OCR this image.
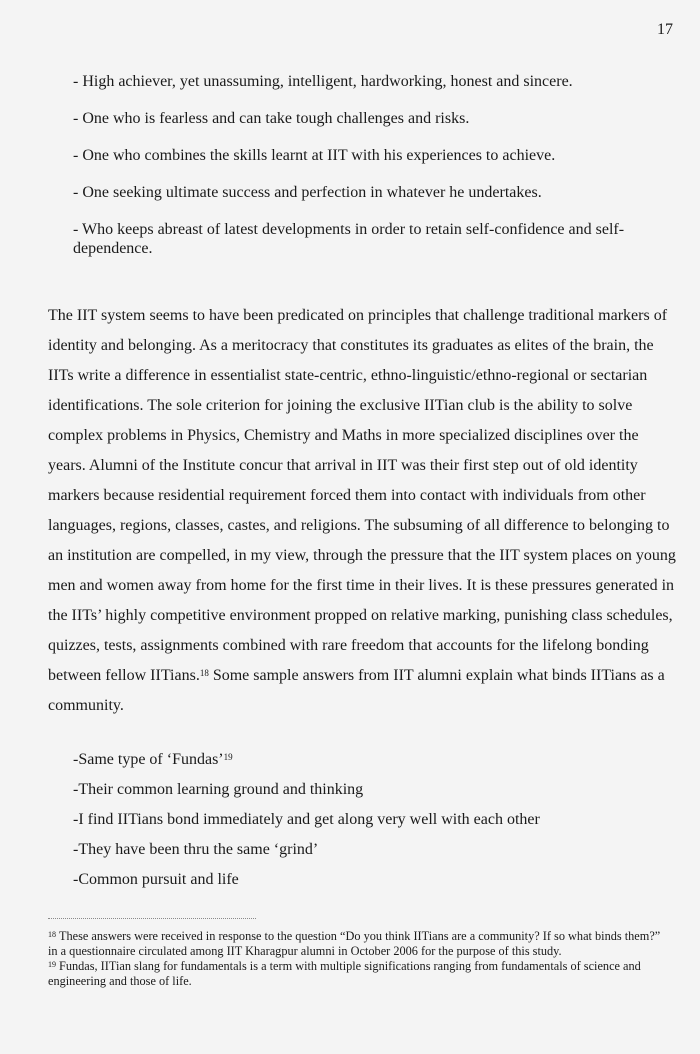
17

- High achiever, yet unassuming, intelligent, hardworking, honest and sincere.

- One who is fearless and can take tough challenges and risks.

- One who combines the skills learnt at IIT with his experiences to achieve.

- One seeking ultimate success and perfection in whatever he undertakes.

- Who keeps abreast of latest developments in order to retain self-confidence and self-dependence.

The IIT system seems to have been predicated on principles that challenge traditional markers of identity and belonging. As a meritocracy that constitutes its graduates as elites of the brain, the IITs write a difference in essentialist state-centric, ethno-linguistic/ethno-regional or sectarian identifications. The sole criterion for joining the exclusive IITian club is the ability to solve complex problems in Physics, Chemistry and Maths in more specialized disciplines over the years. Alumni of the Institute concur that arrival in IIT was their first step out of old identity markers because residential requirement forced them into contact with individuals from other languages, regions, classes, castes, and religions. The subsuming of all difference to belonging to an institution are compelled, in my view, through the pressure that the IIT system places on young men and women away from home for the first time in their lives. It is these pressures generated in the IITs’ highly competitive environment propped on relative marking, punishing class schedules, quizzes, tests, assignments combined with rare freedom that accounts for the lifelong bonding between fellow IITians.$^{18}$ Some sample answers from IIT alumni explain what binds IITians as a community.

-Same type of ‘Fundas’$^{19}$

-Their common learning ground and thinking

-I find IITians bond immediately and get along very well with each other

-They have been thru the same ‘grind’

-Common pursuit and life

$^{18}$ These answers were received in response to the question “Do you think IITians are a community? If so what binds them?” in a questionnaire circulated among IIT Kharagpur alumni in October 2006 for the purpose of this study.

$^{19}$ Fundas, IITian slang for fundamentals is a term with multiple significations ranging from fundamentals of science and engineering and those of life.
